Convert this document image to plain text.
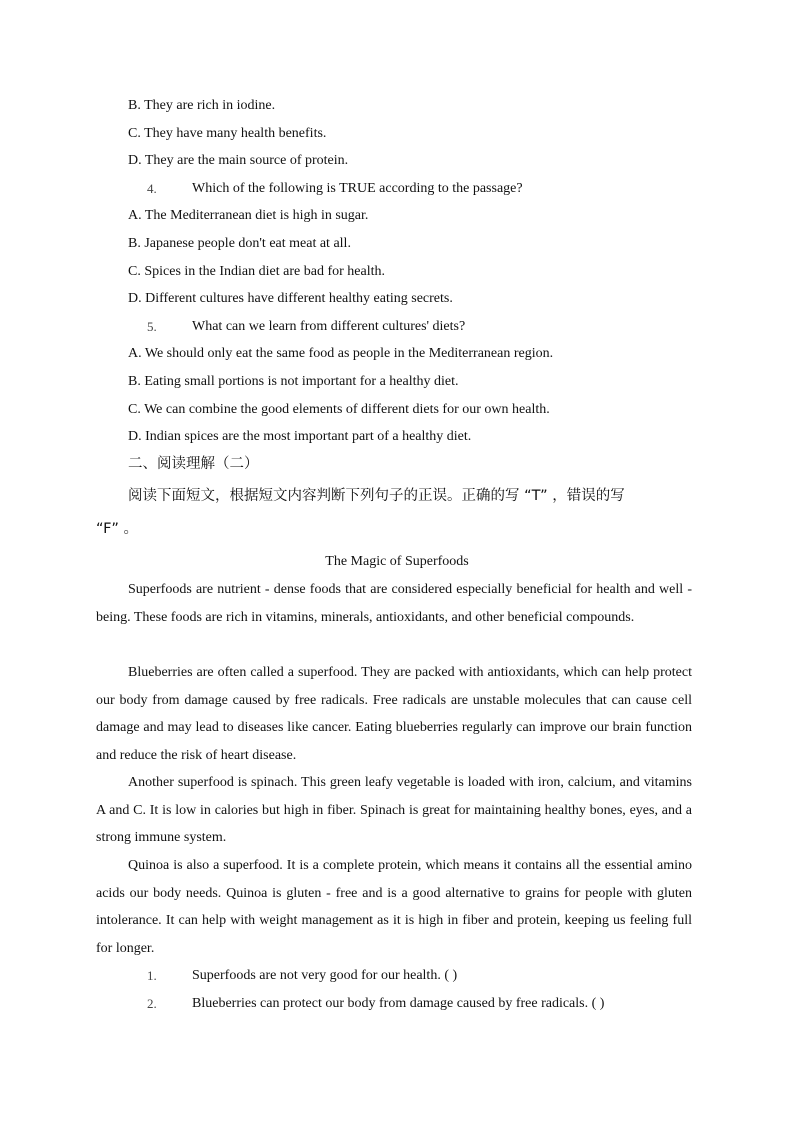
B. They are rich in iodine.
C. They have many health benefits.
D. They are the main source of protein.
4.	Which of the following is TRUE according to the passage?
A. The Mediterranean diet is high in sugar.
B. Japanese people don't eat meat at all.
C. Spices in the Indian diet are bad for health.
D. Different cultures have different healthy eating secrets.
5.	What can we learn from different cultures' diets?
A. We should only eat the same food as people in the Mediterranean region.
B. Eating small portions is not important for a healthy diet.
C. We can combine the good elements of different diets for our own health.
D. Indian spices are the most important part of a healthy diet.
二、阅读理解（二）
阅读下面短文，根据短文内容判断下列句子的正误。正确的写 “T” ，错误的写
“F” 。
The Magic of Superfoods
Superfoods are nutrient - dense foods that are considered especially beneficial for health and well - being. These foods are rich in vitamins, minerals, antioxidants, and other beneficial compounds.
Blueberries are often called a superfood. They are packed with antioxidants, which can help protect our body from damage caused by free radicals. Free radicals are unstable molecules that can cause cell damage and may lead to diseases like cancer. Eating blueberries regularly can improve our brain function and reduce the risk of heart disease.
Another superfood is spinach. This green leafy vegetable is loaded with iron, calcium, and vitamins A and C. It is low in calories but high in fiber. Spinach is great for maintaining healthy bones, eyes, and a strong immune system.
Quinoa is also a superfood. It is a complete protein, which means it contains all the essential amino acids our body needs. Quinoa is gluten - free and is a good alternative to grains for people with gluten intolerance. It can help with weight management as it is high in fiber and protein, keeping us feeling full for longer.
1.	Superfoods are not very good for our health. ( )
2.	Blueberries can protect our body from damage caused by free radicals. ( )
